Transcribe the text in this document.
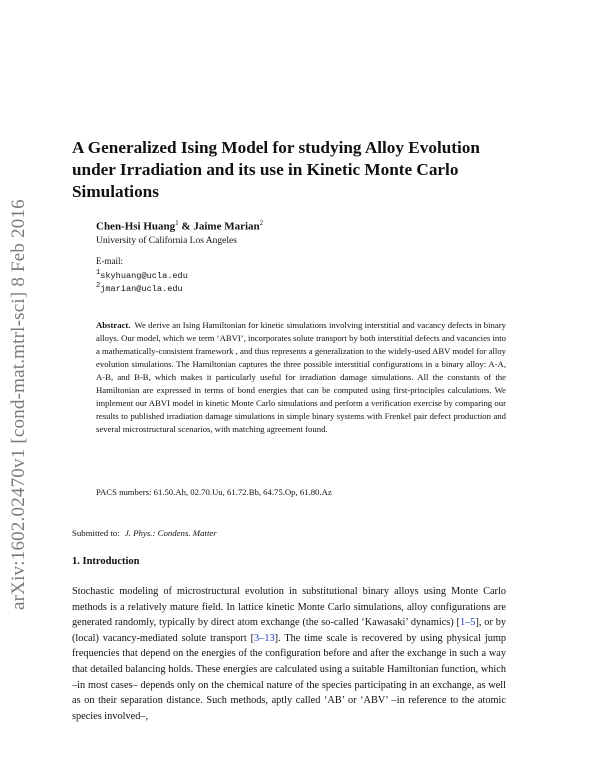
arXiv:1602.02470v1 [cond-mat.mtrl-sci] 8 Feb 2016
A Generalized Ising Model for studying Alloy Evolution under Irradiation and its use in Kinetic Monte Carlo Simulations
Chen-Hsi Huang$^1$ & Jaime Marian$^2$
University of California Los Angeles
E-mail:
$^1$skyhuang@ucla.edu
$^2$jmarian@ucla.edu

Abstract. We derive an Ising Hamiltonian for kinetic simulations involving interstitial and vacancy defects in binary alloys. Our model, which we term ‘ABVI’, incorporates solute transport by both interstitial defects and vacancies into a mathematically-consistent framework , and thus represents a generalization to the widely-used ABV model for alloy evolution simulations. The Hamiltonian captures the three possible interstitial configurations in a binary alloy: A-A, A-B, and B-B, which makes it particularly useful for irradiation damage simulations. All the constants of the Hamiltonian are expressed in terms of bond energies that can be computed using first-principles calculations. We implement our ABVI model in kinetic Monte Carlo simulations and perform a verification exercise by comparing our results to published irradiation damage simulations in simple binary systems with Frenkel pair defect production and several microstructural scenarios, with matching agreement found.

PACS numbers: 61.50.Ah, 02.70.Uu, 61.72.Bb, 64.75.Op, 61.80.Az
Submitted to: J. Phys.: Condens. Matter
1. Introduction

Stochastic modeling of microstructural evolution in substitutional binary alloys using Monte Carlo methods is a relatively mature field. In lattice kinetic Monte Carlo simulations, alloy configurations are generated randomly, typically by direct atom exchange (the so-called ‘Kawasaki’ dynamics) [1–5], or by (local) vacancy-mediated solute transport [3–13]. The time scale is recovered by using physical jump frequencies that depend on the energies of the configuration before and after the exchange in such a way that detailed balancing holds. These energies are calculated using a suitable Hamiltonian function, which –in most cases– depends only on the chemical nature of the species participating in an exchange, as well as on their separation distance. Such methods, aptly called ‘AB’ or ‘ABV’ –in reference to the atomic species involved–,
